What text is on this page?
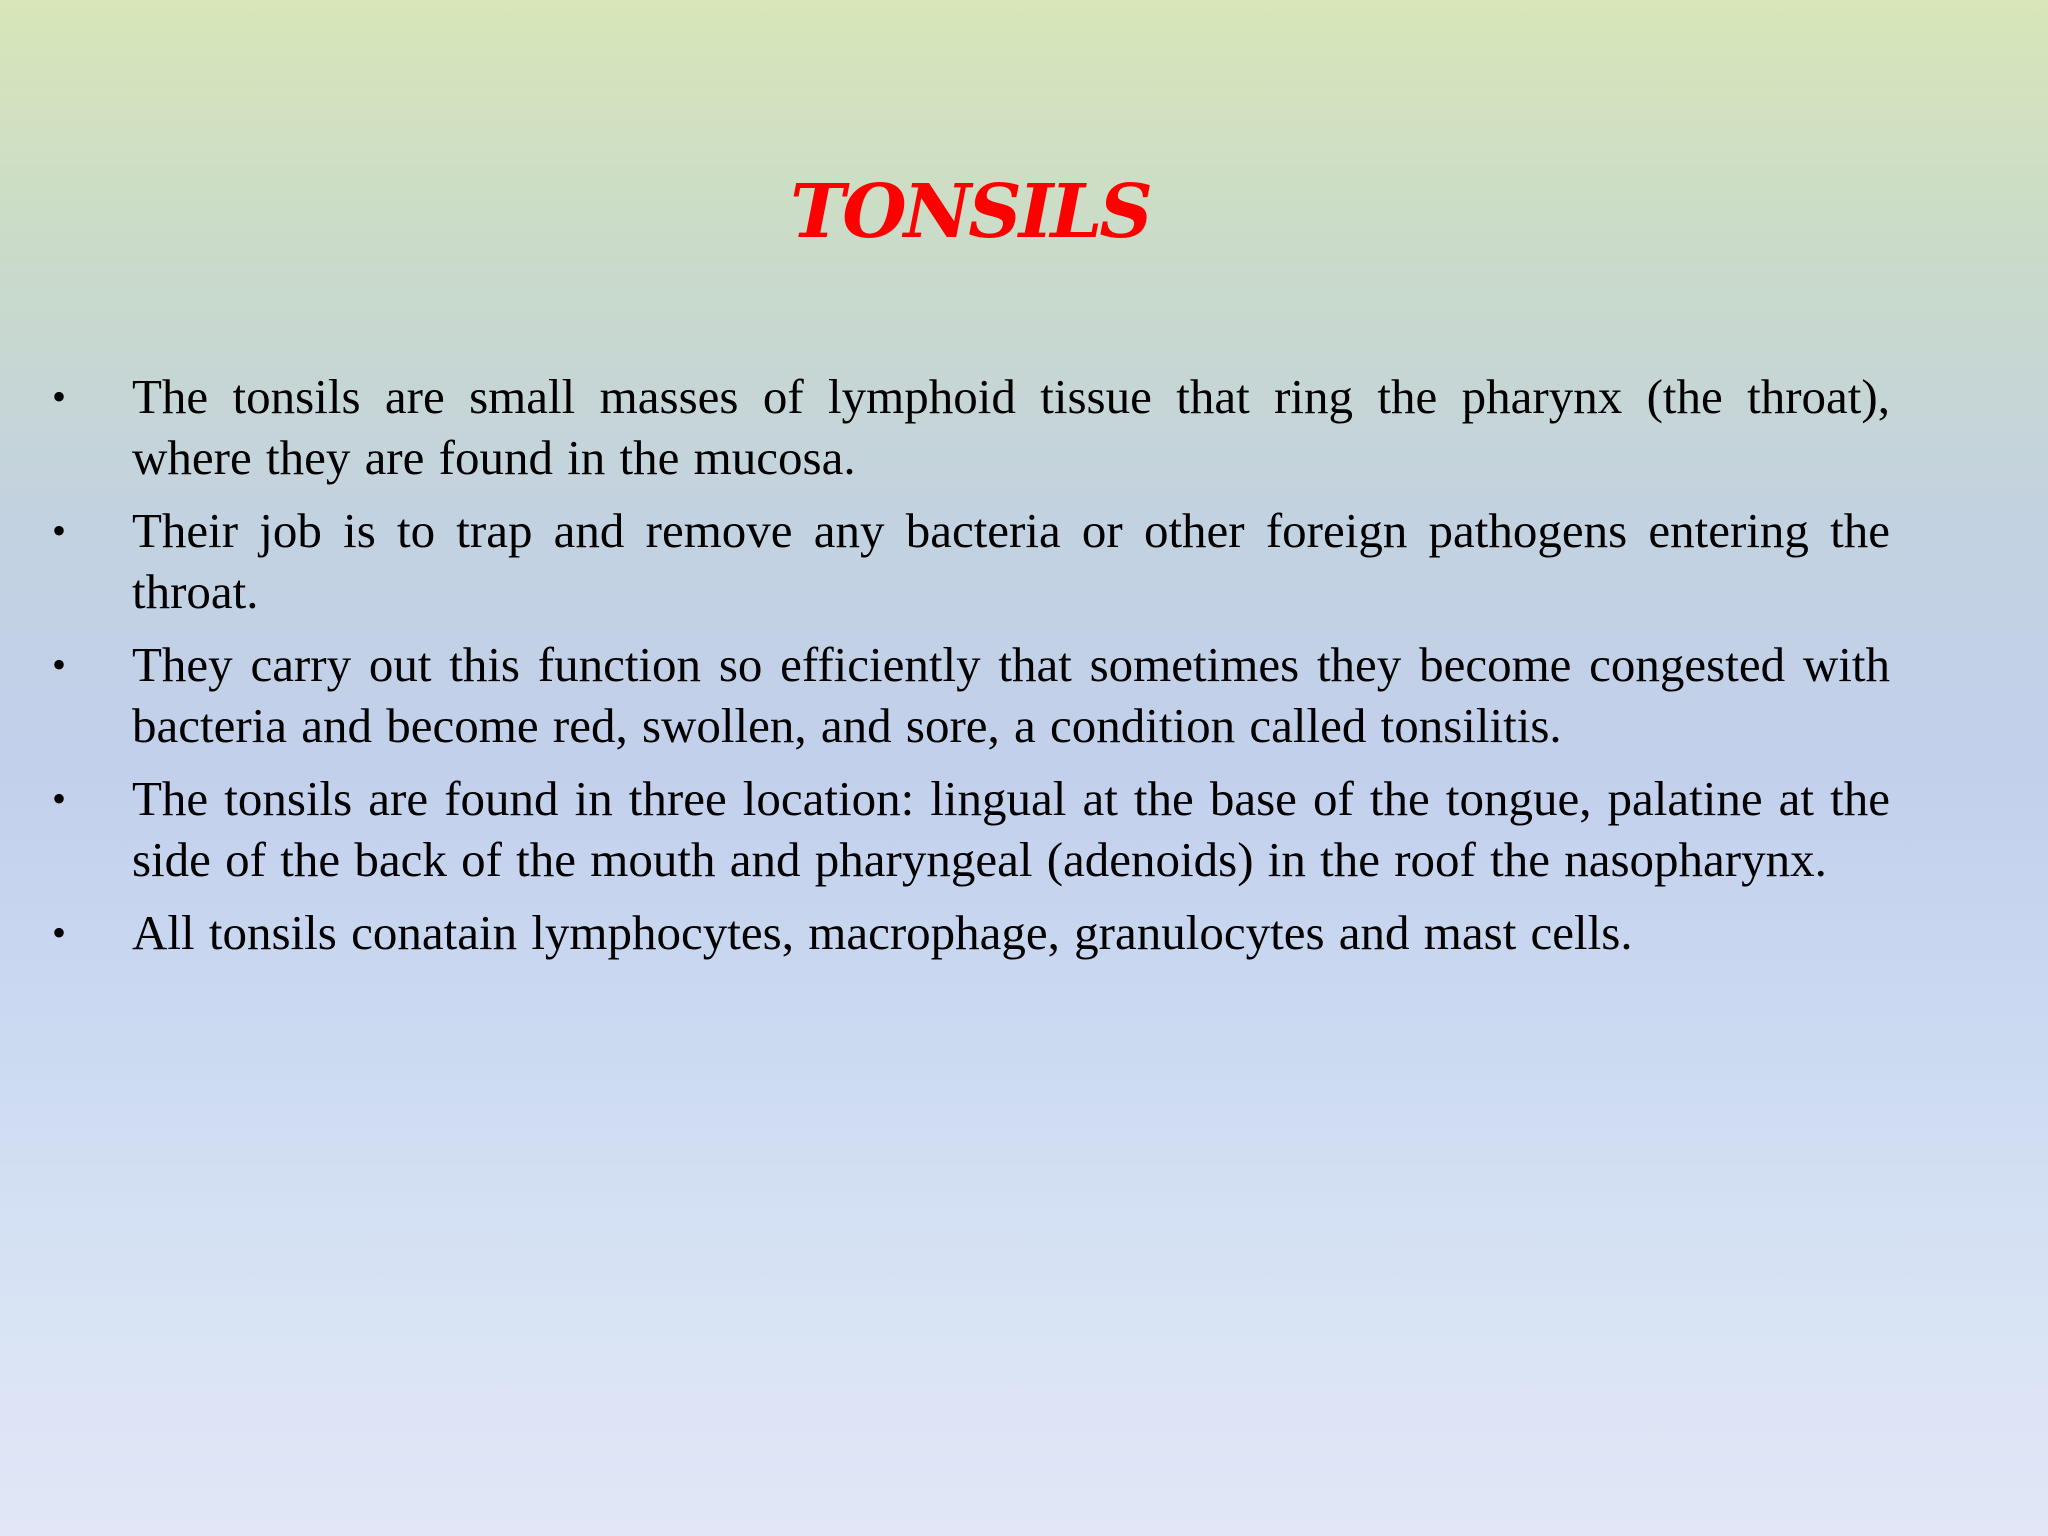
TONSILS
•	The tonsils are small masses of lymphoid tissue that ring the pharynx (the throat), where they are found in the mucosa.
•	Their job is to trap and remove any bacteria or other foreign pathogens entering the throat.
•	They carry out this function so efficiently that sometimes they become congested with bacteria and become red, swollen, and sore, a condition called tonsilitis.
•	The tonsils are found in three location: lingual at the base of the tongue, palatine at the side of the back of the mouth and pharyngeal (adenoids) in the roof the nasopharynx.
•	All tonsils conatain lymphocytes, macrophage, granulocytes and mast cells.
